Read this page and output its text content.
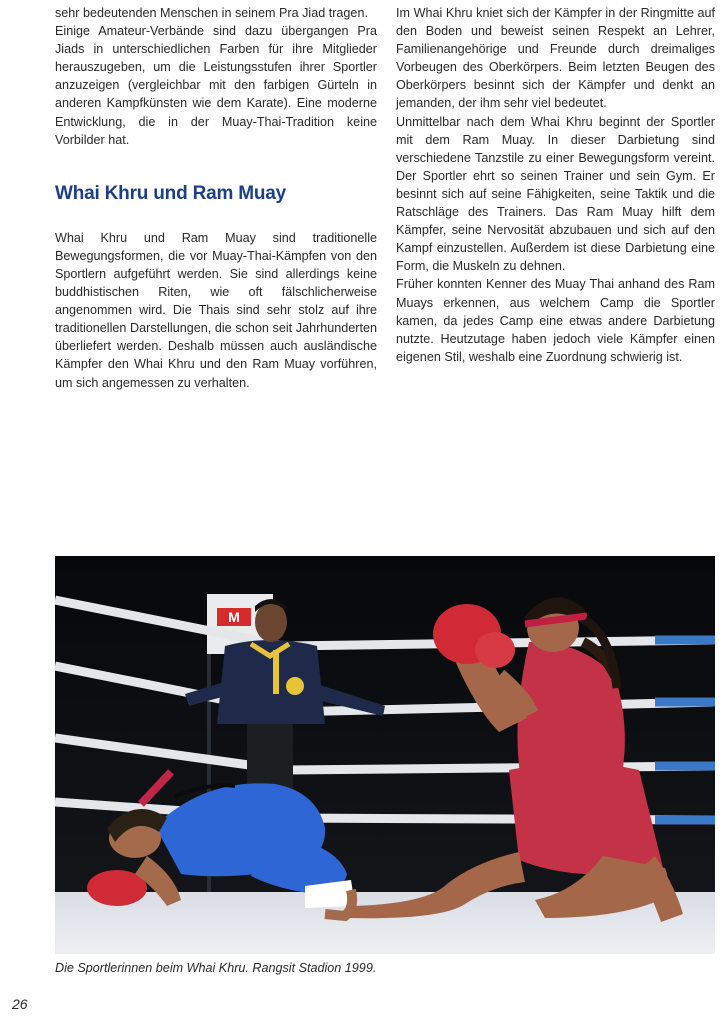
sehr bedeutenden Menschen in seinem Pra Jiad tragen.

Einige Amateur-Verbände sind dazu übergangen Pra Jiads in unterschiedlichen Farben für ihre Mitglieder herauszugeben, um die Leistungsstufen ihrer Sportler anzuzeigen (vergleichbar mit den farbigen Gürteln in anderen Kampfkünsten wie dem Karate). Eine moderne Entwicklung, die in der Muay-Thai-Tradition keine Vorbilder hat.

Whai Khru und Ram Muay

Whai Khru und Ram Muay sind traditionelle Bewegungsformen, die vor Muay-Thai-Kämpfen von den Sportlern aufgeführt werden. Sie sind allerdings keine buddhistischen Riten, wie oft fälschlicherweise angenommen wird. Die Thais sind sehr stolz auf ihre traditionellen Darstellungen, die schon seit Jahrhunderten überliefert werden. Deshalb müssen auch ausländische Kämpfer den Whai Khru und den Ram Muay vorführen, um sich angemessen zu verhalten.

Im Whai Khru kniet sich der Kämpfer in der Ringmitte auf den Boden und beweist seinen Respekt an Lehrer, Familienangehörige und Freunde durch dreimaliges Vorbeugen des Oberkörpers. Beim letzten Beugen des Oberkörpers besinnt sich der Kämpfer und denkt an jemanden, der ihm sehr viel bedeutet.

Unmittelbar nach dem Whai Khru beginnt der Sportler mit dem Ram Muay. In dieser Darbietung sind verschiedene Tanzstile zu einer Bewegungsform vereint. Der Sportler ehrt so seinen Trainer und sein Gym. Er besinnt sich auf seine Fähigkeiten, seine Taktik und die Ratschläge des Trainers. Das Ram Muay hilft dem Kämpfer, seine Nervosität abzubauen und sich auf den Kampf einzustellen. Außerdem ist diese Darbietung eine Form, die Muskeln zu dehnen.

Früher konnten Kenner des Muay Thai anhand des Ram Muays erkennen, aus welchem Camp die Sportler kamen, da jedes Camp eine etwas andere Darbietung nutzte. Heutzutage haben jedoch viele Kämpfer einen eigenen Stil, weshalb eine Zuordnung schwierig ist.

M
Die Sportlerinnen beim Whai Khru. Rangsit Stadion 1999.
26
